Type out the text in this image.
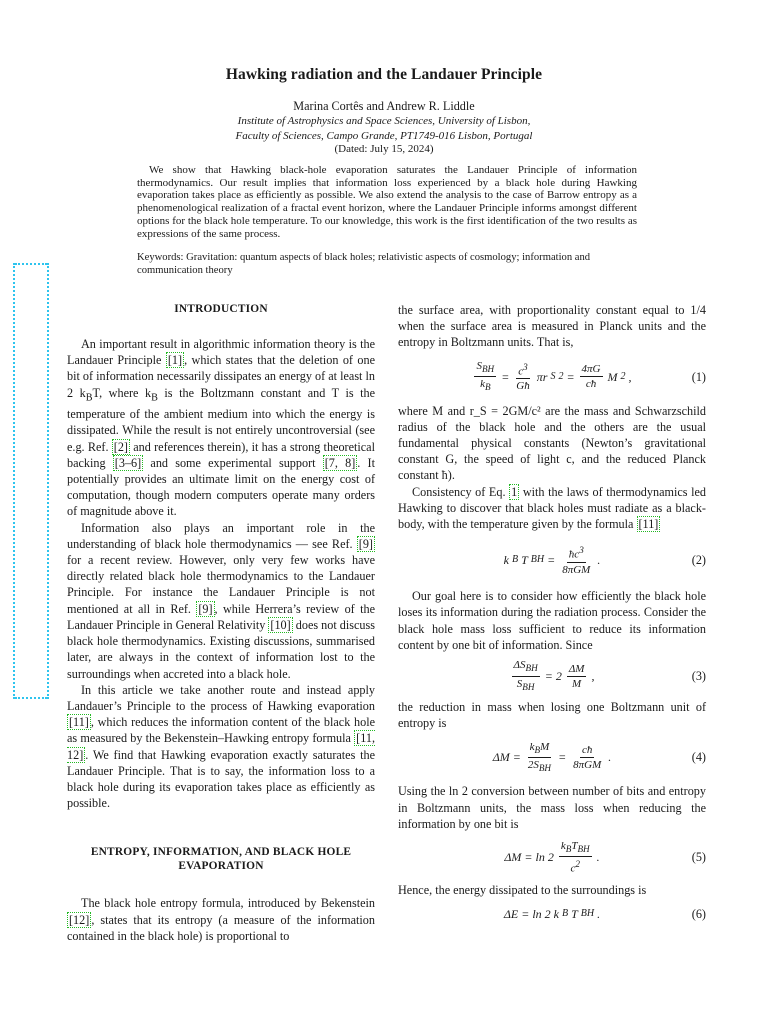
Hawking radiation and the Landauer Principle
Marina Cortês and Andrew R. Liddle
Institute of Astrophysics and Space Sciences, University of Lisbon,
Faculty of Sciences, Campo Grande, PT1749-016 Lisbon, Portugal
(Dated: July 15, 2024)
We show that Hawking black-hole evaporation saturates the Landauer Principle of information thermodynamics. Our result implies that information loss experienced by a black hole during Hawking evaporation takes place as efficiently as possible. We also extend the analysis to the case of Barrow entropy as a phenomenological realization of a fractal event horizon, where the Landauer Principle informs amongst different options for the black hole temperature. To our knowledge, this work is the first identification of the two results as expressions of the same process.
Keywords: Gravitation: quantum aspects of black holes; relativistic aspects of cosmology; information and communication theory
INTRODUCTION

An important result in algorithmic information theory is the Landauer Principle [1] , which states that the deletion of one bit of information necessarily dissipates an energy of at least ln 2 $k_BT$, where $k_B$ is the Boltzmann constant and T is the temperature of the ambient medium into which the energy is dissipated. While the result is not entirely uncontroversial (see e.g. Ref. [2] and references therein), it has a strong theoretical backing [3–6] and some experimental support [7, 8] . It potentially provides an ultimate limit on the energy cost of computation, though modern computers operate many orders of magnitude above it.

Information also plays an important role in the understanding of black hole thermodynamics — see Ref. [9] for a recent review. However, only very few works have directly related black hole thermodynamics to the Landauer Principle. For instance the Landauer Principle is not mentioned at all in Ref. [9] , while Herrera’s review of the Landauer Principle in General Relativity [10] does not discuss black hole thermodynamics. Existing discussions, summarised later, are always in the context of information lost to the surroundings when accreted into a black hole.

In this article we take another route and instead apply Landauer’s Principle to the process of Hawking evaporation [11] , which reduces the information content of the black hole as measured by the Bekenstein–Hawking entropy formula [11, 12] . We find that Hawking evaporation exactly saturates the Landauer Principle. That is to say, the information loss to a black hole during its evaporation takes place as efficiently as possible.

ENTROPY, INFORMATION, AND BLACK HOLE EVAPORATION

The black hole entropy formula, introduced by Bekenstein [12] , states that its entropy (a measure of the information contained in the black hole) is proportional to

the surface area, with proportionality constant equal to 1/4 when the surface area is measured in Planck units and the entropy in Boltzmann units. That is,

$\frac{S_{BH}}{k_B} = \frac{c^3}{Għ}$ πr S $2 = \frac{4\pi G}{cħ}$ M 2 ,	(1)

where M and r_S = 2GM/c² are the mass and Schwarzschild radius of the black hole and the others are the usual fundamental physical constants (Newton’s gravitational constant G, the speed of light c, and the reduced Planck constant ħ).

Consistency of Eq. 1 with the laws of thermodynamics led Hawking to discover that black holes must radiate as a black-body, with the temperature given by the formula [11]

k B T BH = $\frac{ħc^3}{\text{8πGM}}$ .	(2)

Our goal here is to consider how efficiently the black hole loses its information during the radiation process. Consider the black hole mass loss sufficient to reduce its information content by one bit of information. Since

$\frac{\Delta S_{BH}}{S_{BH}} = 2 \frac{\Delta M}{M}$ ,	(3)

the reduction in mass when losing one Boltzmann unit of entropy is

$\Delta M = \frac{k_BM}{2S_{BH}} = \frac{cħ}{\text{8πGM}}$ .	(4)

Using the ln 2 conversion between number of bits and entropy in Boltzmann units, the mass loss when reducing the information by one bit is

$\Delta M = \ln 2 \frac{k_BT_{BH}}{c^2}$ .	(5)

Hence, the energy dissipated to the surroundings is

ΔE = ln 2 k B T BH .	(6)
